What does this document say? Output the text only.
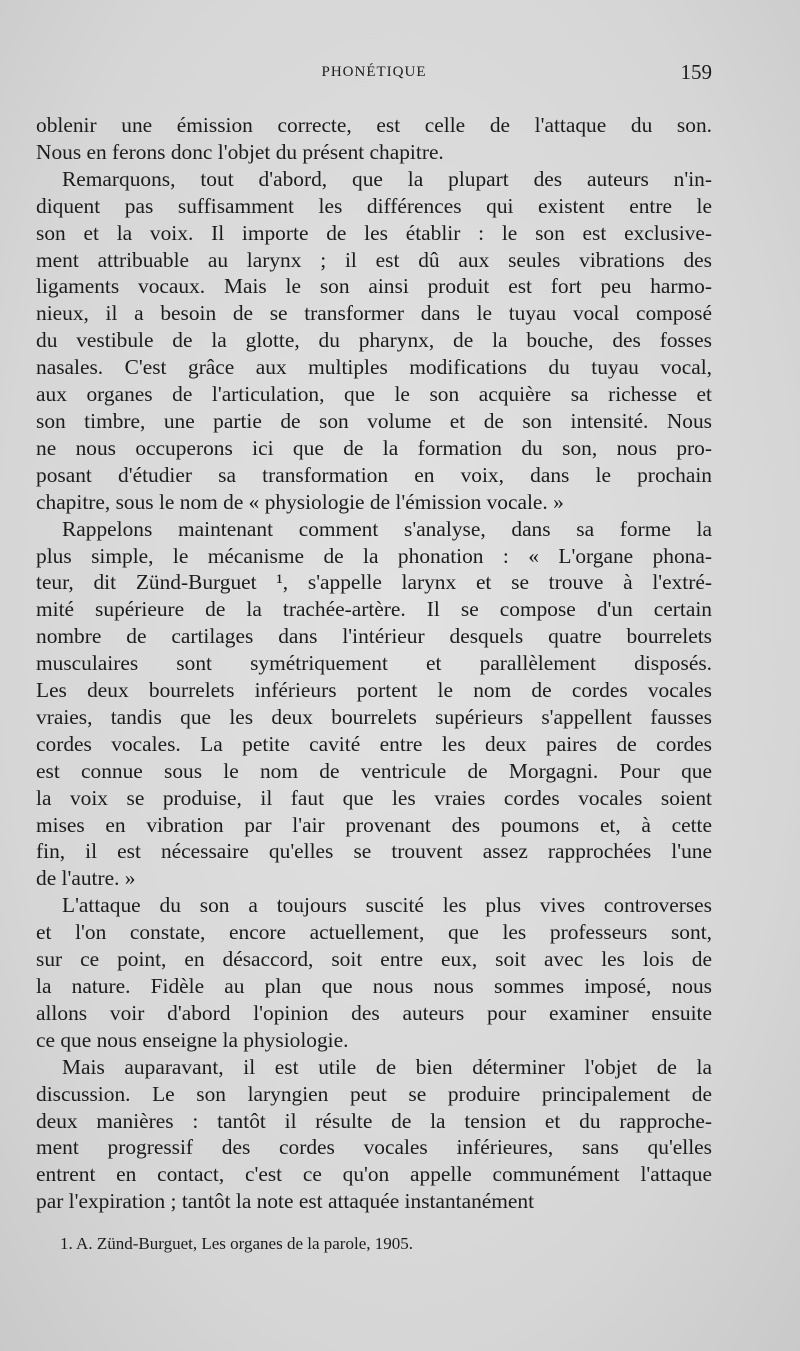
PHONÉTIQUE	159
oblenir une émission correcte, est celle de l'attaque du son.
Nous en ferons donc l'objet du présent chapitre.
Remarquons, tout d'abord, que la plupart des auteurs n'in-
diquent pas suffisamment les différences qui existent entre le
son et la voix. Il importe de les établir : le son est exclusive-
ment attribuable au larynx ; il est dû aux seules vibrations des
ligaments vocaux. Mais le son ainsi produit est fort peu harmo-
nieux, il a besoin de se transformer dans le tuyau vocal composé
du vestibule de la glotte, du pharynx, de la bouche, des fosses
nasales. C'est grâce aux multiples modifications du tuyau vocal,
aux organes de l'articulation, que le son acquière sa richesse et
son timbre, une partie de son volume et de son intensité. Nous
ne nous occuperons ici que de la formation du son, nous pro-
posant d'étudier sa transformation en voix, dans le prochain
chapitre, sous le nom de « physiologie de l'émission vocale. »
Rappelons maintenant comment s'analyse, dans sa forme la
plus simple, le mécanisme de la phonation : « L'organe phona-
teur, dit Zünd-Burguet ¹, s'appelle larynx et se trouve à l'extré-
mité supérieure de la trachée-artère. Il se compose d'un certain
nombre de cartilages dans l'intérieur desquels quatre bourrelets
musculaires sont symétriquement et parallèlement disposés.
Les deux bourrelets inférieurs portent le nom de cordes vocales
vraies, tandis que les deux bourrelets supérieurs s'appellent fausses
cordes vocales. La petite cavité entre les deux paires de cordes
est connue sous le nom de ventricule de Morgagni. Pour que
la voix se produise, il faut que les vraies cordes vocales soient
mises en vibration par l'air provenant des poumons et, à cette
fin, il est nécessaire qu'elles se trouvent assez rapprochées l'une
de l'autre. »
L'attaque du son a toujours suscité les plus vives controverses
et l'on constate, encore actuellement, que les professeurs sont,
sur ce point, en désaccord, soit entre eux, soit avec les lois de
la nature. Fidèle au plan que nous nous sommes imposé, nous
allons voir d'abord l'opinion des auteurs pour examiner ensuite
ce que nous enseigne la physiologie.
Mais auparavant, il est utile de bien déterminer l'objet de la
discussion. Le son laryngien peut se produire principalement de
deux manières : tantôt il résulte de la tension et du rapproche-
ment progressif des cordes vocales inférieures, sans qu'elles
entrent en contact, c'est ce qu'on appelle communément l'attaque
par l'expiration ; tantôt la note est attaquée instantanément
1. A. Zünd-Burguet, Les organes de la parole, 1905.
